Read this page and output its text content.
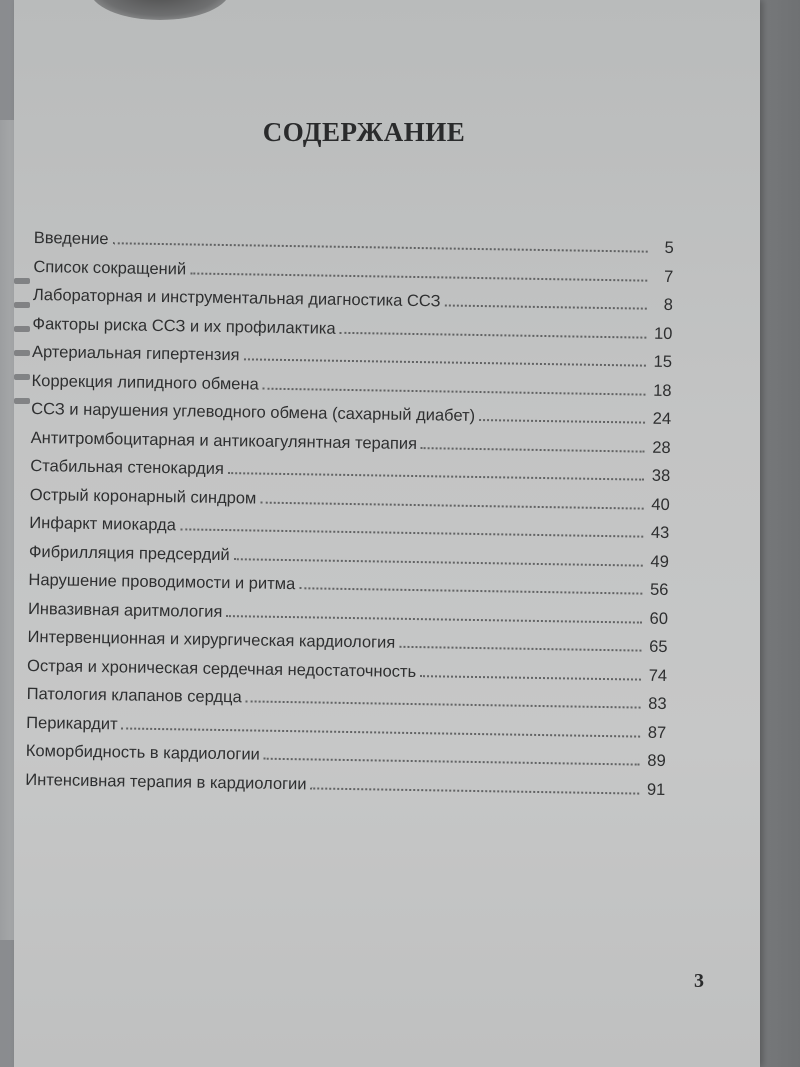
СОДЕРЖАНИЕ
Введение	5
Список сокращений	7
Лабораторная и инструментальная диагностика ССЗ	8
Факторы риска ССЗ и их профилактика	10
Артериальная гипертензия	15
Коррекция липидного обмена	18
ССЗ и нарушения углеводного обмена (сахарный диабет)	24
Антитромбоцитарная и антикоагулянтная терапия	28
Стабильная стенокардия	38
Острый коронарный синдром	40
Инфаркт миокарда	43
Фибрилляция предсердий	49
Нарушение проводимости и ритма	56
Инвазивная аритмология	60
Интервенционная и хирургическая кардиология	65
Острая и хроническая сердечная недостаточность	74
Патология клапанов сердца	83
Перикардит	87
Коморбидность в кардиологии	89
Интенсивная терапия в кардиологии	91
3
